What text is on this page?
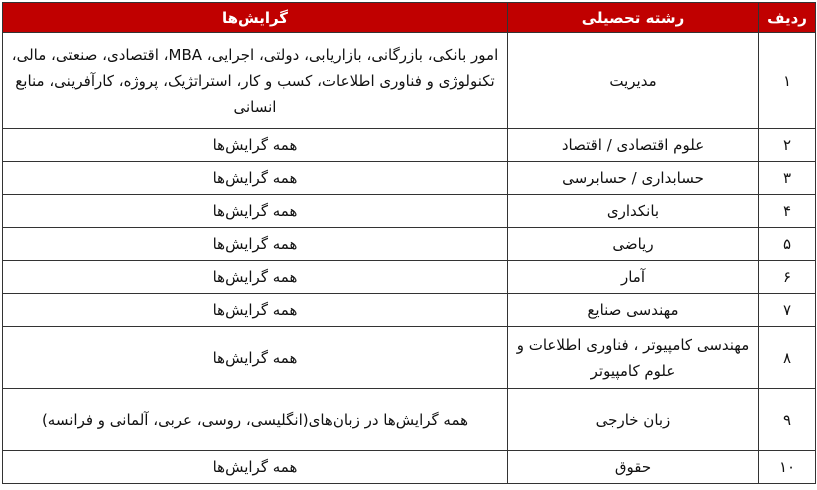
ردیف	رشته تحصیلی	گرایش‌ها
۱	مدیریت	امور بانکی، بازرگانی، بازاریابی، دولتی، اجرایی، MBA، اقتصادی، صنعتی، مالی، تکنولوژی و فناوری اطلاعات، کسب و کار، استراتژیک، پروژه، کارآفرینی، منابع انسانی
۲	علوم اقتصادی / اقتصاد	همه گرایش‌ها
۳	حسابداری / حسابرسی	همه گرایش‌ها
۴	بانکداری	همه گرایش‌ها
۵	ریاضی	همه گرایش‌ها
۶	آمار	همه گرایش‌ها
۷	مهندسی صنایع	همه گرایش‌ها
۸	مهندسی کامپیوتر ، فناوری اطلاعات و علوم کامپیوتر	همه گرایش‌ها
۹	زبان خارجی	همه گرایش‌ها در زبان‌های(انگلیسی، روسی، عربی، آلمانی و فرانسه)
۱۰	حقوق	همه گرایش‌ها
